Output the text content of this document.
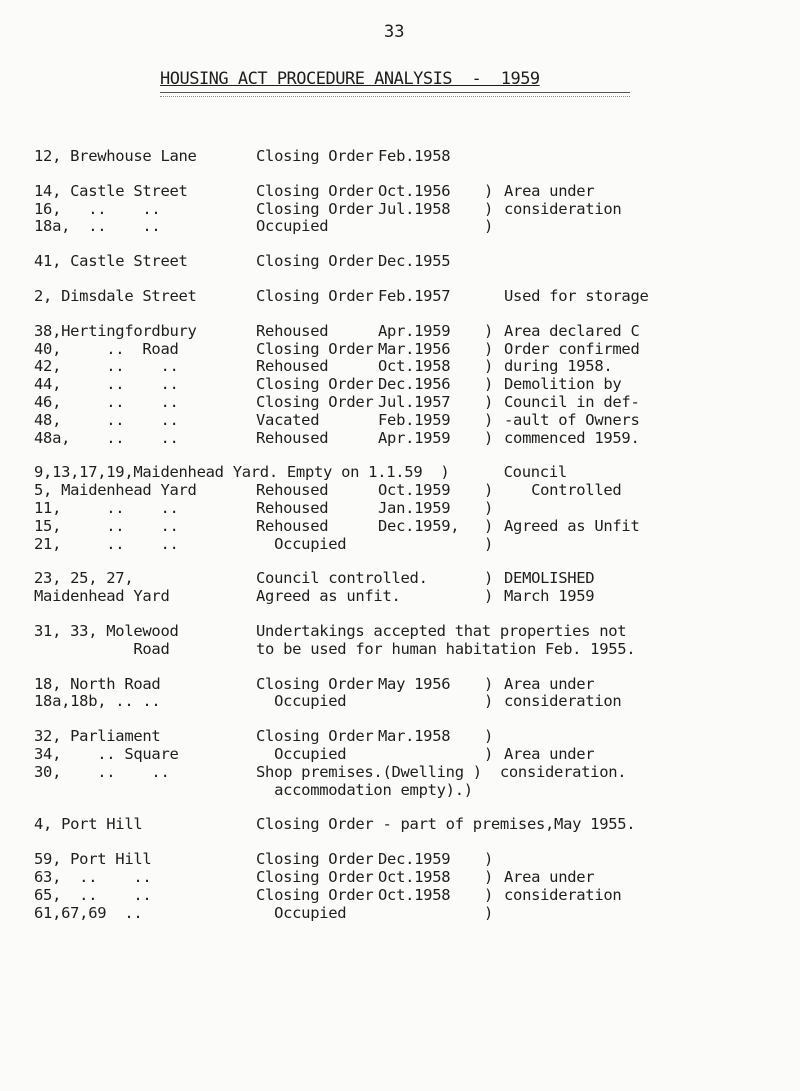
33
HOUSING ACT PROCEDURE ANALYSIS  -  1959
12, Brewhouse Lane	Closing Order Feb.1958
14, Castle Street	Closing Order Oct.1956	) Area under
16,   ..    ..	Closing Order Jul.1958	) consideration
18a,  ..    ..	Occupied	)
41, Castle Street	Closing Order Dec.1955
2, Dimsdale Street	Closing Order Feb.1957	Used for storage
38,Hertingfordbury	Rehoused	Apr.1959	) Area declared C
40,     ..  Road	Closing Order Mar.1956	) Order confirmed
42,     ..    ..	Rehoused	Oct.1958	) during 1958.
44,     ..    ..	Closing Order Dec.1956	) Demolition by
46,     ..    ..	Closing Order Jul.1957	) Council in def-
48,     ..    ..	Vacated	Feb.1959	) -ault of Owners
48a,    ..    ..	Rehoused	Apr.1959	) commenced 1959.
9,13,17,19,Maidenhead Yard. Empty on 1.1.59  )      Council
5, Maidenhead Yard	Rehoused	Oct.1959	) Controlled
11,     ..    ..	Rehoused	Jan.1959	)
15,     ..    ..	Rehoused	Dec.1959,	) Agreed as Unfit
21,     ..    ..	Occupied	)
23, 25, 27,	Council controlled.	) DEMOLISHED
Maidenhead Yard	Agreed as unfit.	) March 1959
31, 33, Molewood	Undertakings accepted that properties not
Road	to be used for human habitation Feb. 1955.
18, North Road	Closing Order May 1956	) Area under
18a,18b, .. ..	Occupied	) consideration
32, Parliament	Closing Order Mar.1958	)
34,    .. Square	Occupied	) Area under
30,    ..    ..	Shop premises.(Dwelling )  consideration.
accommodation empty).)
4, Port Hill	Closing Order - part of premises,May 1955.
59, Port Hill	Closing Order Dec.1959	)
63,  ..    ..	Closing Order Oct.1958	) Area under
65,  ..    ..	Closing Order Oct.1958	) consideration
61,67,69  ..	Occupied	)
